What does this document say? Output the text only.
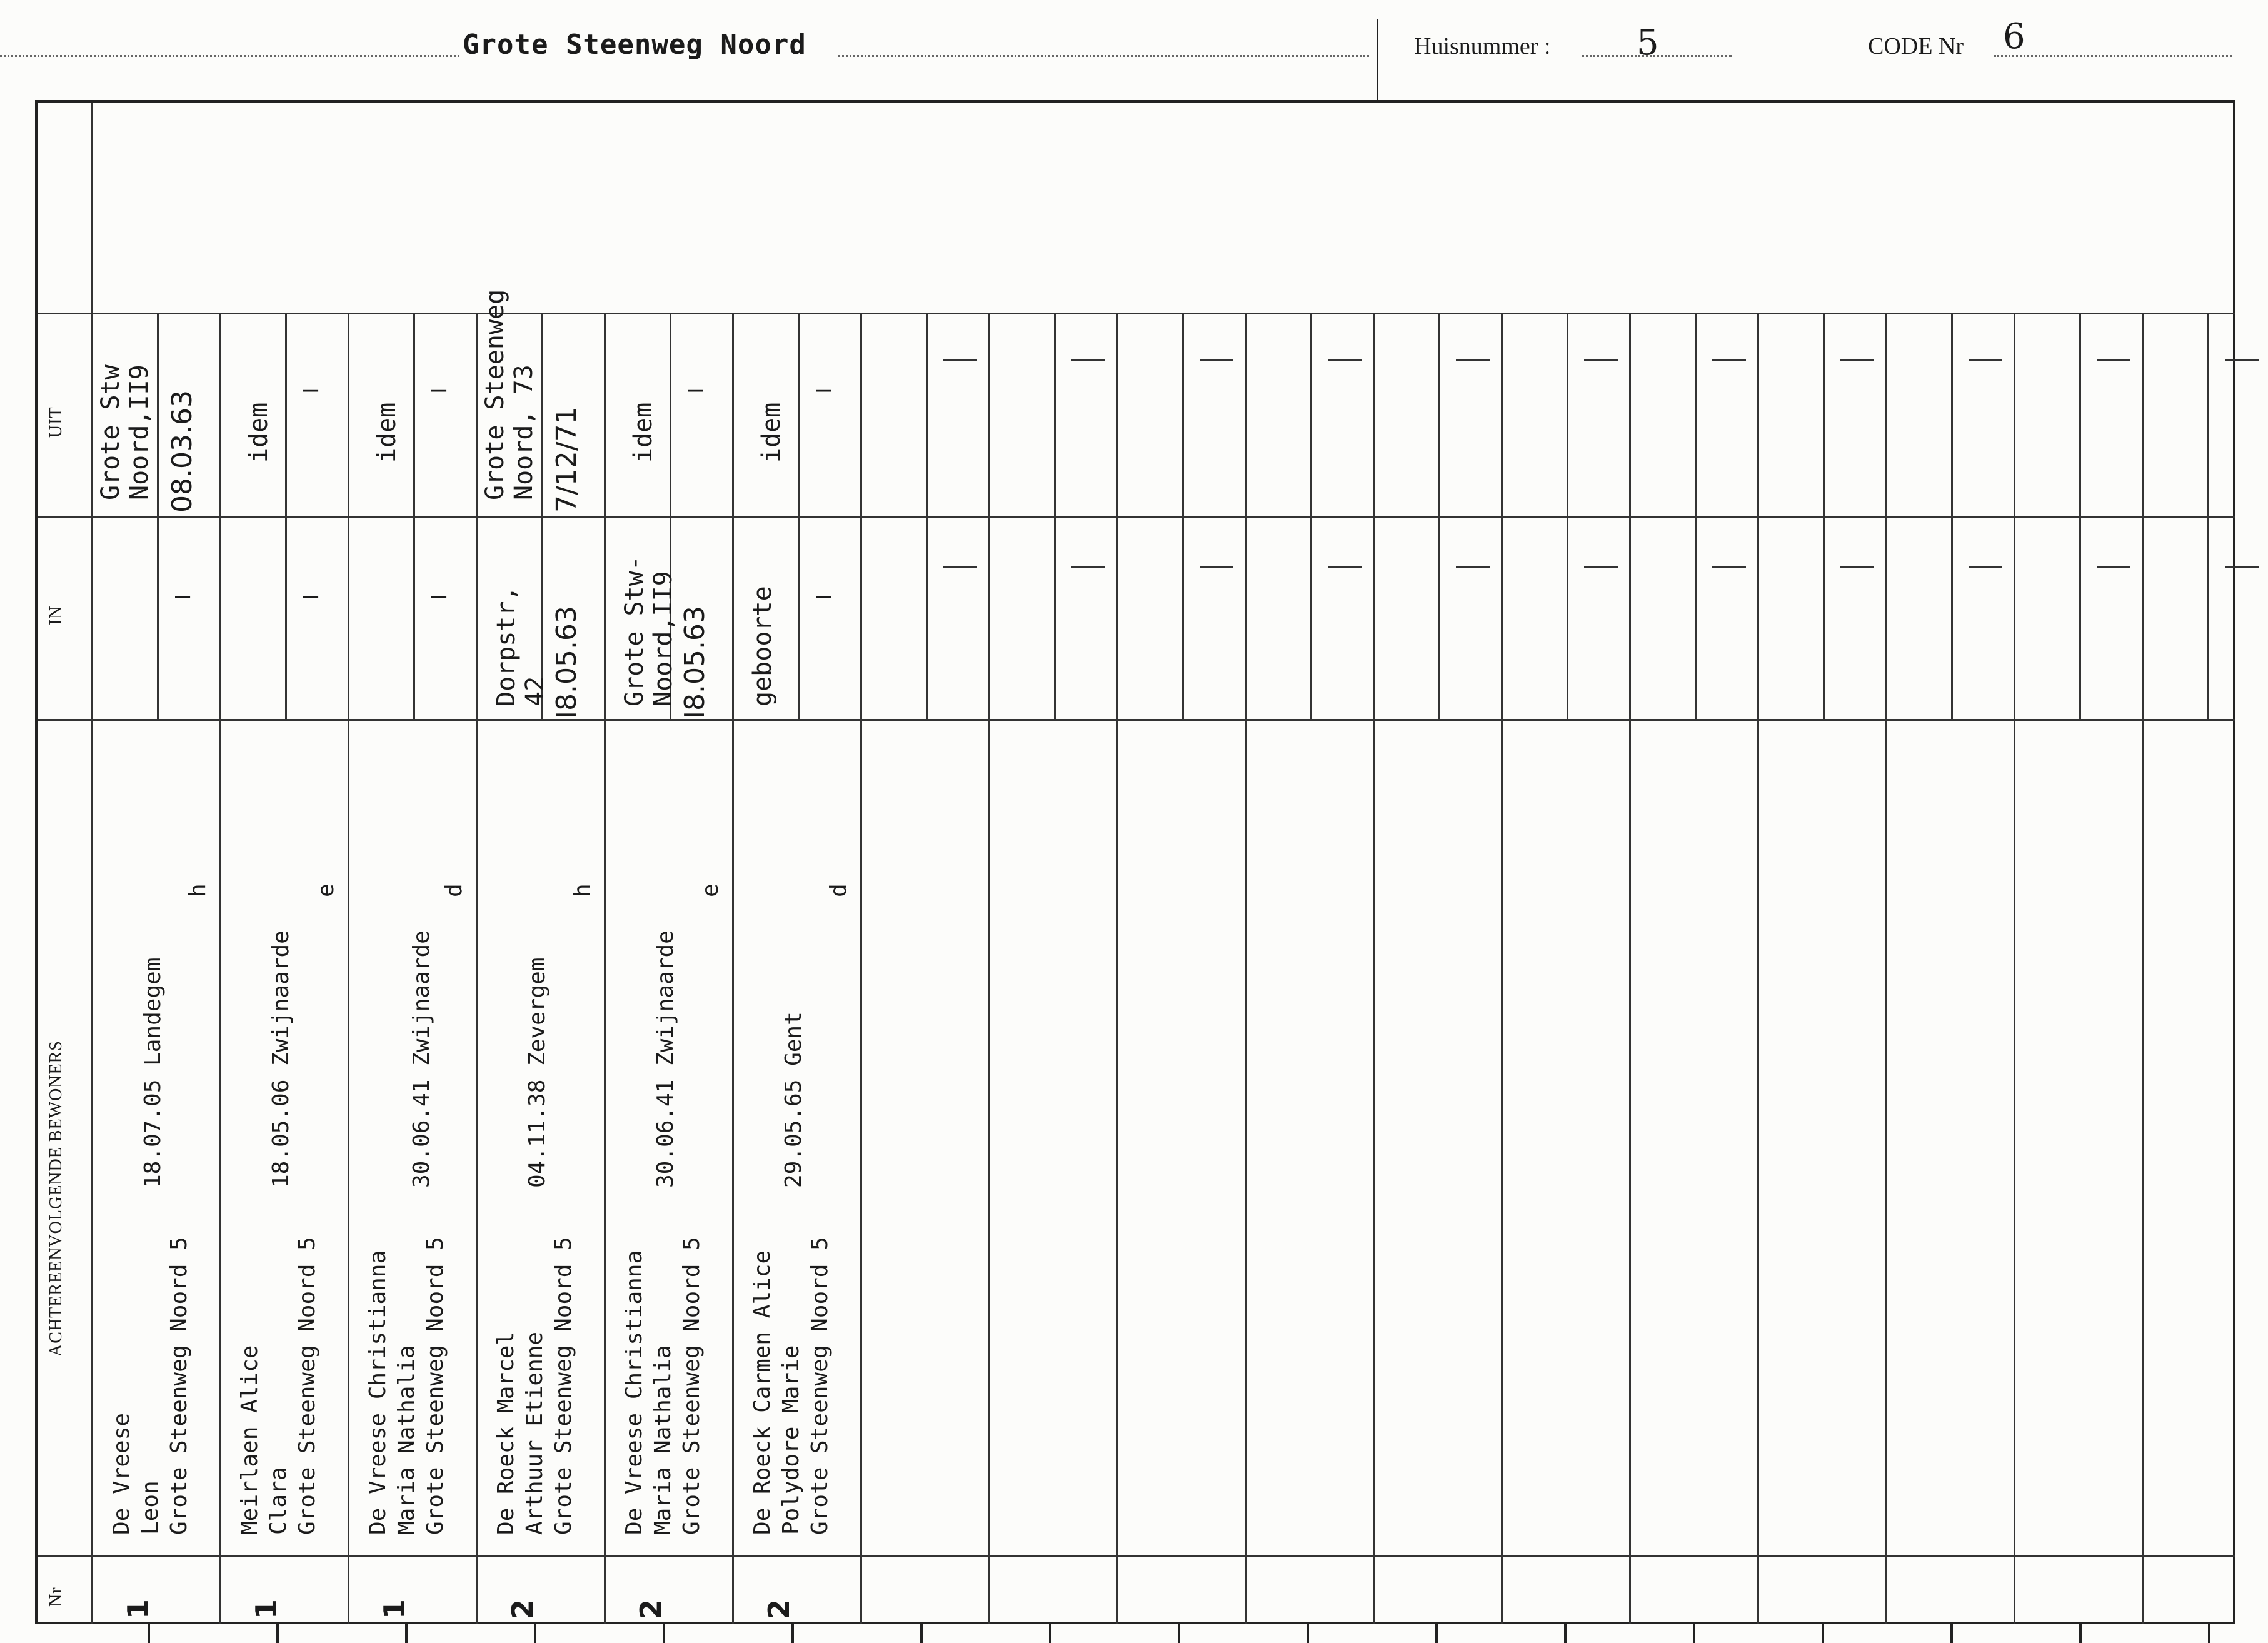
Grote Steenweg Noord	Huisnummer : 5	CODE Nr 6
Nr
ACHTEREENVOLGENDE BEWONERS
IN
UIT
De Vreese Leon Grote Steenweg Noord 5
18.07.05 Landegem
h
1
—
Grote Stw Noord,II9 08.03.63
Meirlaen Alice Clara Grote Steenweg Noord 5
18.05.06 Zwijnaarde
e
1
—
idem
—
De Vreese Christianna Maria Nathalia Grote Steenweg Noord 5
30.06.41 Zwijnaarde
d
1
—
idem
—
De Roeck Marcel Arthuur Etienne Grote Steenweg Noord 5
04.11.38 Zevergem
h
2
Dorpstr, 42 I8.05.63
Grote Steenweg Noord, 73 7/12/71
De Vreese Christianna Maria Nathalia Grote Steenweg Noord 5
30.06.41 Zwijnaarde
e
2
Grote Stw- Noord,II9 I8.05.63
idem
—
De Roeck Carmen Alice Polydore Marie Grote Steenweg Noord 5
29.05.65 Gent
d
2
geboorte —
idem
—
